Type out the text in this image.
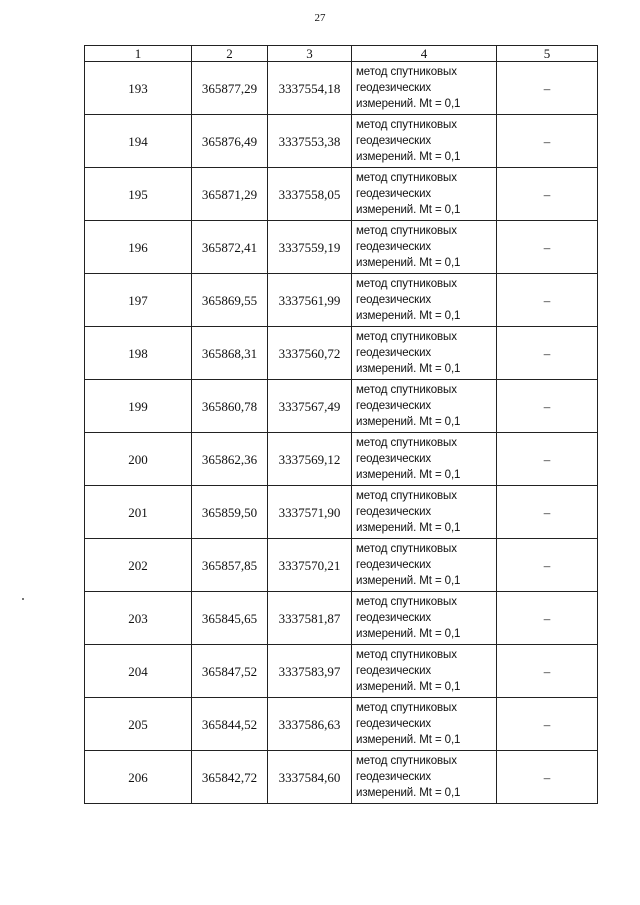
27
1	2	3	4	5
193	365877,29	3337554,18	метод спутниковых
геодезических
измерений. Mt = 0,1	–
194	365876,49	3337553,38	метод спутниковых
геодезических
измерений. Mt = 0,1	–
195	365871,29	3337558,05	метод спутниковых
геодезических
измерений. Mt = 0,1	–
196	365872,41	3337559,19	метод спутниковых
геодезических
измерений. Mt = 0,1	–
197	365869,55	3337561,99	метод спутниковых
геодезических
измерений. Mt = 0,1	–
198	365868,31	3337560,72	метод спутниковых
геодезических
измерений. Mt = 0,1	–
199	365860,78	3337567,49	метод спутниковых
геодезических
измерений. Mt = 0,1	–
200	365862,36	3337569,12	метод спутниковых
геодезических
измерений. Mt = 0,1	–
201	365859,50	3337571,90	метод спутниковых
геодезических
измерений. Mt = 0,1	–
202	365857,85	3337570,21	метод спутниковых
геодезических
измерений. Mt = 0,1	–
203	365845,65	3337581,87	метод спутниковых
геодезических
измерений. Mt = 0,1	–
204	365847,52	3337583,97	метод спутниковых
геодезических
измерений. Mt = 0,1	–
205	365844,52	3337586,63	метод спутниковых
геодезических
измерений. Mt = 0,1	–
206	365842,72	3337584,60	метод спутниковых
геодезических
измерений. Mt = 0,1	–
